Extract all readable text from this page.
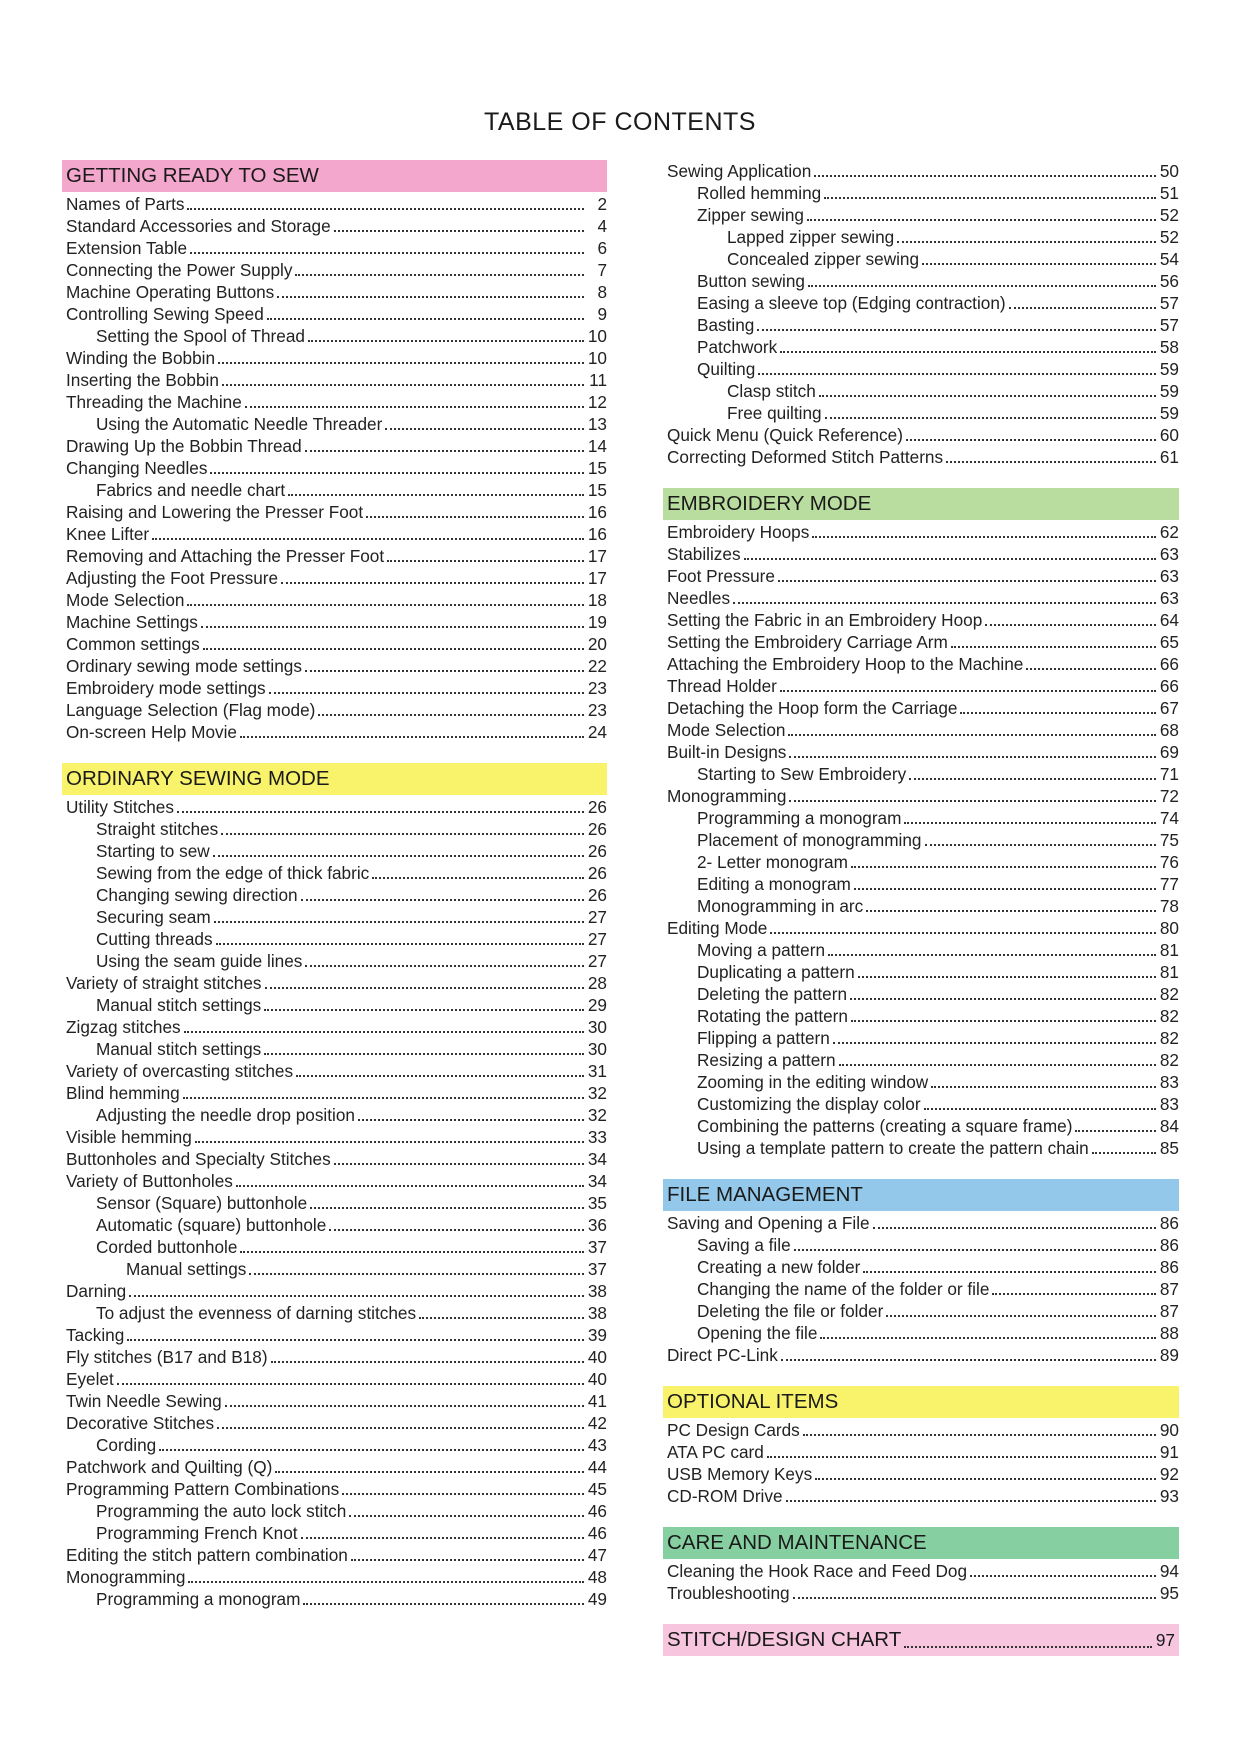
TABLE OF CONTENTS
GETTING READY TO SEW
Names of Parts	2
Standard Accessories and Storage	4
Extension Table	6
Connecting the Power Supply	7
Machine Operating Buttons	8
Controlling Sewing Speed	9
Setting the Spool of Thread	10
Winding the Bobbin	10
Inserting the Bobbin	11
Threading the Machine	12
Using the Automatic Needle Threader	13
Drawing Up the Bobbin Thread	14
Changing Needles	15
Fabrics and needle chart	15
Raising and Lowering the Presser Foot	16
Knee Lifter	16
Removing and Attaching the Presser Foot	17
Adjusting the Foot Pressure	17
Mode Selection	18
Machine Settings	19
Common settings	20
Ordinary sewing mode settings	22
Embroidery mode settings	23
Language Selection (Flag mode)	23
On-screen Help Movie	24
ORDINARY SEWING MODE
Utility Stitches	26
Straight stitches	26
Starting to sew	26
Sewing from the edge of thick fabric	26
Changing sewing direction	26
Securing seam	27
Cutting threads	27
Using the seam guide lines	27
Variety of straight stitches	28
Manual stitch settings	29
Zigzag stitches	30
Manual stitch settings	30
Variety of overcasting stitches	31
Blind hemming	32
Adjusting the needle drop position	32
Visible hemming	33
Buttonholes and Specialty Stitches	34
Variety of Buttonholes	34
Sensor (Square) buttonhole	35
Automatic (square) buttonhole	36
Corded buttonhole	37
Manual settings	37
Darning	38
To adjust the evenness of darning stitches	38
Tacking	39
Fly stitches (B17 and B18)	40
Eyelet	40
Twin Needle Sewing	41
Decorative Stitches	42
Cording	43
Patchwork and Quilting (Q)	44
Programming Pattern Combinations	45
Programming the auto lock stitch	46
Programming French Knot	46
Editing the stitch pattern combination	47
Monogramming	48
Programming a monogram	49
Sewing Application	50
Rolled hemming	51
Zipper sewing	52
Lapped zipper sewing	52
Concealed zipper sewing	54
Button sewing	56
Easing a sleeve top (Edging contraction)	57
Basting	57
Patchwork	58
Quilting	59
Clasp stitch	59
Free quilting	59
Quick Menu (Quick Reference)	60
Correcting Deformed Stitch Patterns	61
EMBROIDERY MODE
Embroidery Hoops	62
Stabilizes	63
Foot Pressure	63
Needles	63
Setting the Fabric in an Embroidery Hoop	64
Setting the Embroidery Carriage Arm	65
Attaching the Embroidery Hoop to the Machine	66
Thread Holder	66
Detaching the Hoop form the Carriage	67
Mode Selection	68
Built-in Designs	69
Starting to Sew Embroidery	71
Monogramming	72
Programming a monogram	74
Placement of monogramming	75
2- Letter monogram	76
Editing a monogram	77
Monogramming in arc	78
Editing Mode	80
Moving a pattern	81
Duplicating a pattern	81
Deleting the pattern	82
Rotating the pattern	82
Flipping a pattern	82
Resizing a pattern	82
Zooming in the editing window	83
Customizing the display color	83
Combining the patterns (creating a square frame)	84
Using a template pattern to create the pattern chain	85
FILE MANAGEMENT
Saving and Opening a File	86
Saving a file	86
Creating a new folder	86
Changing the name of the folder or file	87
Deleting the file or folder	87
Opening the file	88
Direct PC-Link	89
OPTIONAL ITEMS
PC Design Cards	90
ATA PC card	91
USB Memory Keys	92
CD-ROM Drive	93
CARE AND MAINTENANCE
Cleaning the Hook Race and Feed Dog	94
Troubleshooting	95
STITCH/DESIGN CHART	97
